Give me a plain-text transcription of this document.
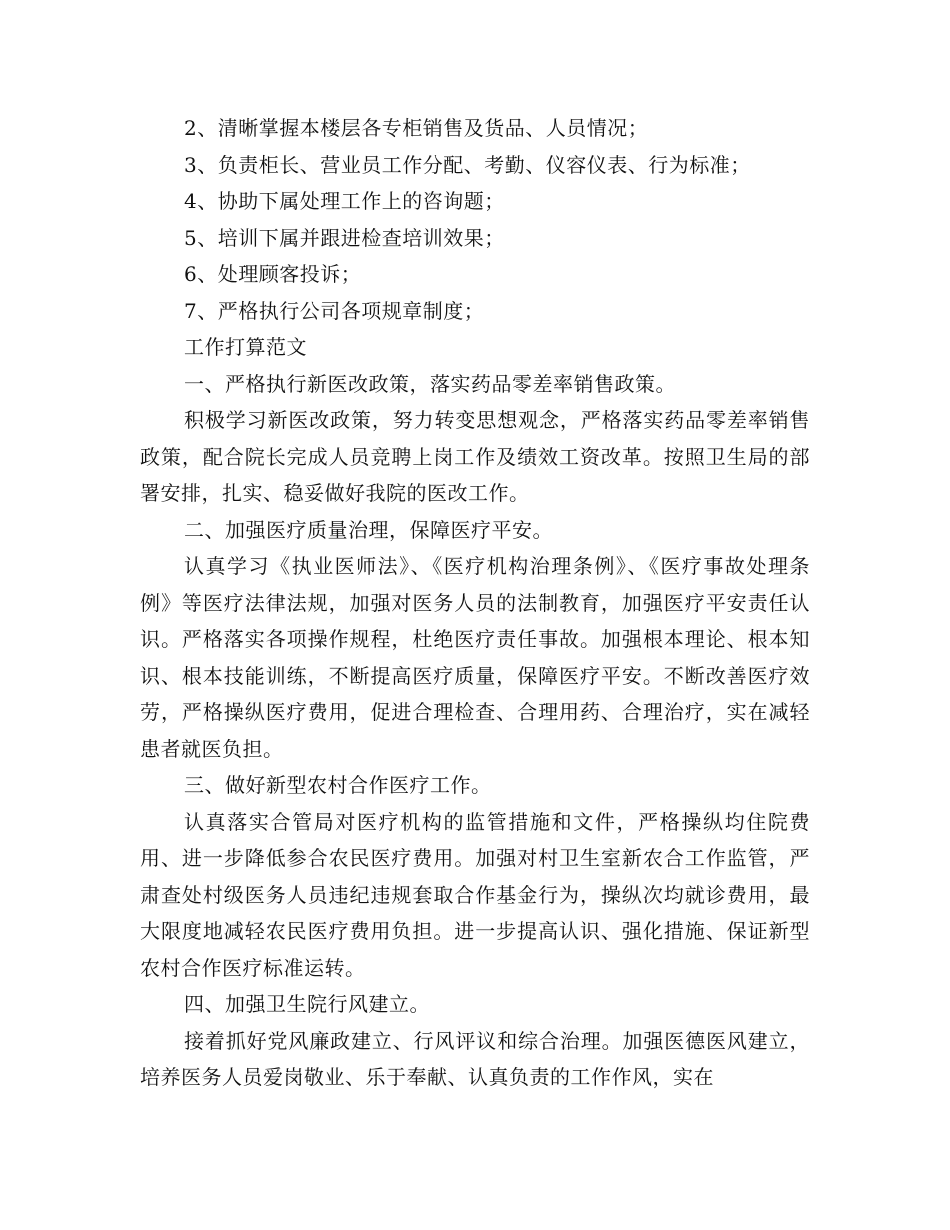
2、清晰掌握本楼层各专柜销售及货品、人员情况；

3、负责柜长、营业员工作分配、考勤、仪容仪表、行为标准；

4、协助下属处理工作上的咨询题；

5、培训下属并跟进检查培训效果；

6、处理顾客投诉；

7、严格执行公司各项规章制度；

工作打算范文

一、严格执行新医改政策，落实药品零差率销售政策。

积极学习新医改政策，努力转变思想观念，严格落实药品零差率销售政策，配合院长完成人员竞聘上岗工作及绩效工资改革。按照卫生局的部署安排，扎实、稳妥做好我院的医改工作。

二、加强医疗质量治理，保障医疗平安。

认真学习《执业医师法》、《医疗机构治理条例》、《医疗事故处理条例》等医疗法律法规，加强对医务人员的法制教育，加强医疗平安责任认识。严格落实各项操作规程，杜绝医疗责任事故。加强根本理论、根本知识、根本技能训练，不断提高医疗质量，保障医疗平安。不断改善医疗效劳，严格操纵医疗费用，促进合理检查、合理用药、合理治疗，实在减轻患者就医负担。

三、做好新型农村合作医疗工作。

认真落实合管局对医疗机构的监管措施和文件，严格操纵均住院费用、进一步降低参合农民医疗费用。加强对村卫生室新农合工作监管，严肃查处村级医务人员违纪违规套取合作基金行为，操纵次均就诊费用，最大限度地减轻农民医疗费用负担。进一步提高认识、强化措施、保证新型农村合作医疗标准运转。

四、加强卫生院行风建立。

接着抓好党风廉政建立、行风评议和综合治理。加强医德医风建立，培养医务人员爱岗敬业、乐于奉献、认真负责的工作作风，实在
